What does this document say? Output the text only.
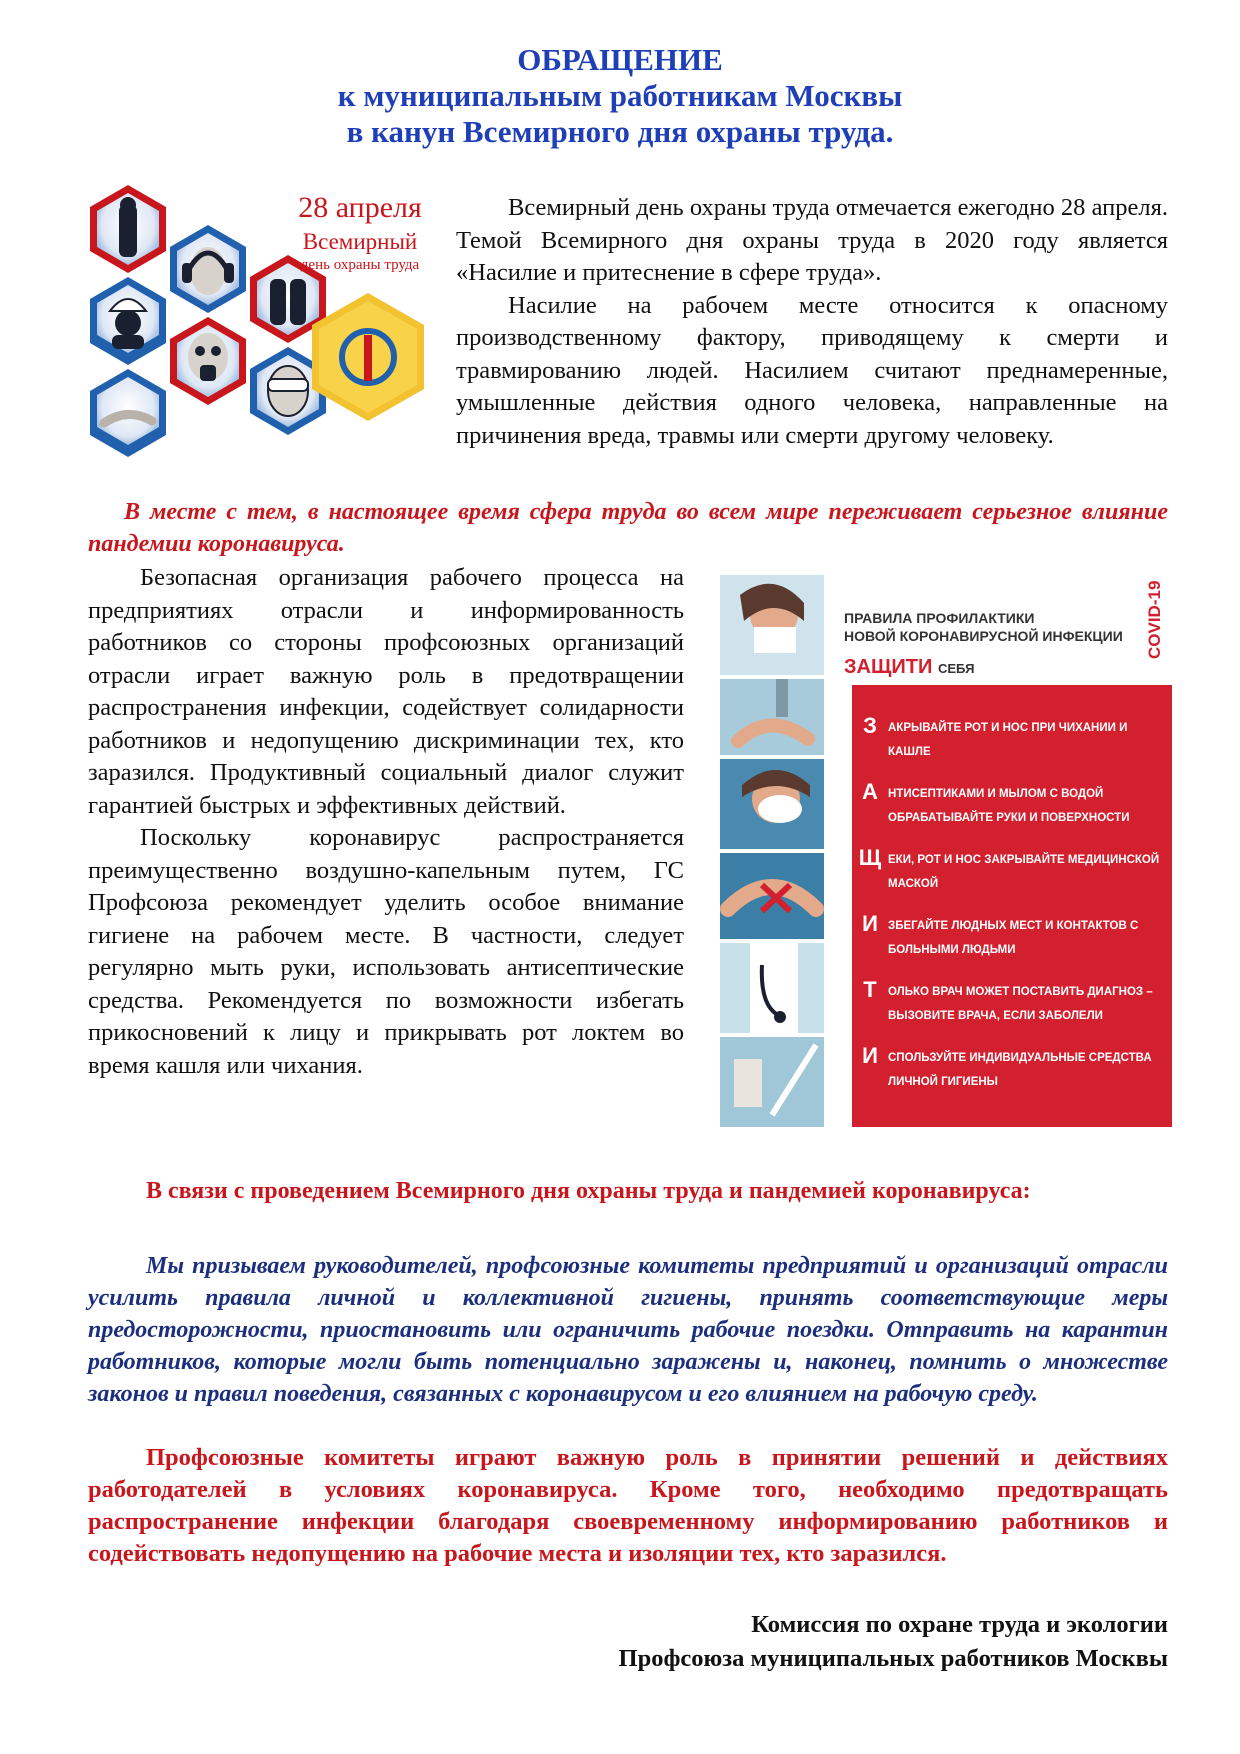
ОБРАЩЕНИЕ
к муниципальным работникам Москвы
в канун Всемирного дня охраны труда.
28 апреля
Всемирный
день охраны труда

Всемирный день охраны труда отмечается ежегодно 28 апреля. Темой Всемирного дня охраны труда в 2020 году является «Насилие и притеснение в сфере труда».

Насилие на рабочем месте относится к опасному производственному фактору, приводящему к смерти и травмированию людей. Насилием считают преднамеренные, умышленные действия одного человека, направленные на причинения вреда, травмы или смерти другому человеку.

В месте с тем, в настоящее время сфера труда во всем мире переживает серьезное влияние пандемии коронавируса.

Безопасная организация рабочего процесса на предприятиях отрасли и информированность работников со стороны профсоюзных организаций отрасли играет важную роль в предотвращении распространения инфекции, содействует солидарности работников и недопущению дискриминации тех, кто заразился. Продуктивный социальный диалог служит гарантией быстрых и эффективных действий.

Поскольку коронавирус распространяется преимущественно воздушно-капельным путем, ГС Профсоюза рекомендует уделить особое внимание гигиене на рабочем месте. В частности, следует регулярно мыть руки, использовать антисептические средства. Рекомендуется по возможности избегать прикосновений к лицу и прикрывать рот локтем во время кашля или чихания.

ПРАВИЛА ПРОФИЛАКТИКИ
НОВОЙ КОРОНАВИРУСНОЙ ИНФЕКЦИИ
ЗАЩИТИ СЕБЯ
COVID-19
З АКРЫВАЙТЕ РОТ И НОС ПРИ ЧИХАНИИ И
КАШЛЕ
А НТИСЕПТИКАМИ И МЫЛОМ С ВОДОЙ
ОБРАБАТЫВАЙТЕ РУКИ И ПОВЕРХНОСТИ
Щ ЕКИ, РОТ И НОС ЗАКРЫВАЙТЕ МЕДИЦИНСКОЙ
МАСКОЙ
И ЗБЕГАЙТЕ ЛЮДНЫХ МЕСТ И КОНТАКТОВ С
БОЛЬНЫМИ ЛЮДЬМИ
Т ОЛЬКО ВРАЧ МОЖЕТ ПОСТАВИТЬ ДИАГНОЗ –
ВЫЗОВИТЕ ВРАЧА, ЕСЛИ ЗАБОЛЕЛИ
И СПОЛЬЗУЙТЕ ИНДИВИДУАЛЬНЫЕ СРЕДСТВА
ЛИЧНОЙ ГИГИЕНЫ

В связи с проведением Всемирного дня охраны труда и пандемией коронавируса:

Мы призываем руководителей, профсоюзные комитеты предприятий и организаций отрасли усилить правила личной и коллективной гигиены, принять соответствующие меры предосторожности, приостановить или ограничить рабочие поездки. Отправить на карантин работников, которые могли быть потенциально заражены и, наконец, помнить о множестве законов и правил поведения, связанных с коронавирусом и его влиянием на рабочую среду.

Профсоюзные комитеты играют важную роль в принятии решений и действиях работодателей в условиях коронавируса. Кроме того, необходимо предотвращать распространение инфекции благодаря своевременному информированию работников и содействовать недопущению на рабочие места и изоляции тех, кто заразился.

Комиссия по охране труда и экологии
Профсоюза муниципальных работников Москвы
